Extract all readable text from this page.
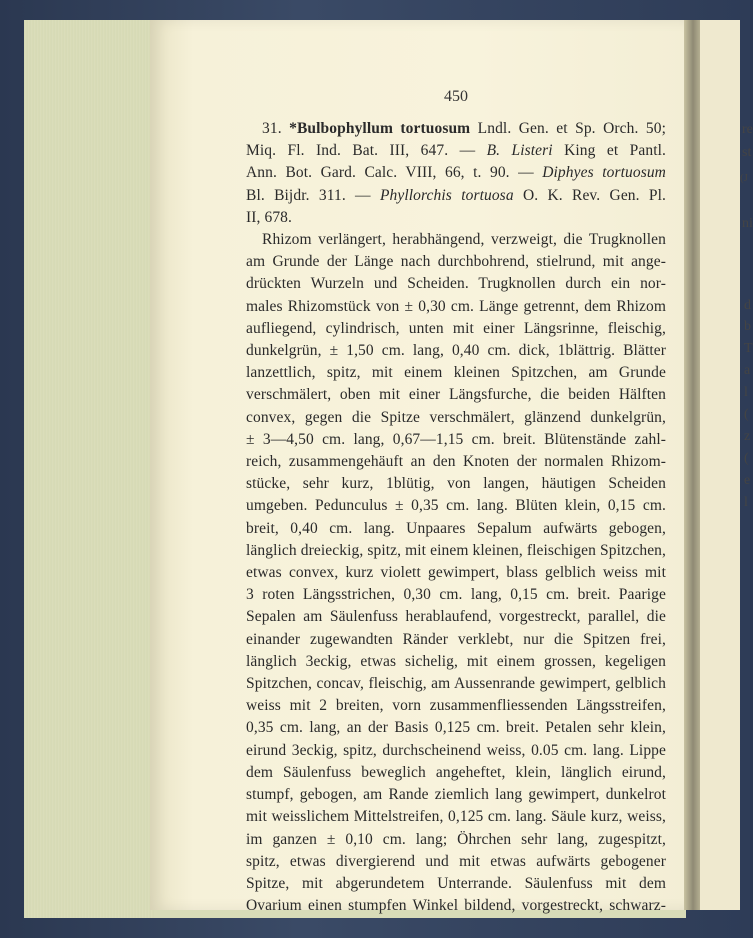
re
st
(J
ni
d
b
T
a
l
(
z
(
e
l
450
31. *Bulbophyllum tortuosum Lndl. Gen. et Sp. Orch. 50;
Miq. Fl. Ind. Bat. III, 647. — B. Listeri King et Pantl.
Ann. Bot. Gard. Calc. VIII, 66, t. 90. — Diphyes tortuosum
Bl. Bijdr. 311. — Phyllorchis tortuosa O. K. Rev. Gen. Pl.
II, 678.
Rhizom verlängert, herabhängend, verzweigt, die Trugknollen
am Grunde der Länge nach durchbohrend, stielrund, mit ange-
drückten Wurzeln und Scheiden. Trugknollen durch ein nor-
males Rhizomstück von ± 0,30 cm. Länge getrennt, dem Rhizom
aufliegend, cylindrisch, unten mit einer Längsrinne, fleischig,
dunkelgrün, ± 1,50 cm. lang, 0,40 cm. dick, 1blättrig. Blätter
lanzettlich, spitz, mit einem kleinen Spitzchen, am Grunde
verschmälert, oben mit einer Längsfurche, die beiden Hälften
convex, gegen die Spitze verschmälert, glänzend dunkelgrün,
± 3—4,50 cm. lang, 0,67—1,15 cm. breit. Blütenstände zahl-
reich, zusammengehäuft an den Knoten der normalen Rhizom-
stücke, sehr kurz, 1blütig, von langen, häutigen Scheiden
umgeben. Pedunculus ± 0,35 cm. lang. Blüten klein, 0,15 cm.
breit, 0,40 cm. lang. Unpaares Sepalum aufwärts gebogen,
länglich dreieckig, spitz, mit einem kleinen, fleischigen Spitzchen,
etwas convex, kurz violett gewimpert, blass gelblich weiss mit
3 roten Längsstrichen, 0,30 cm. lang, 0,15 cm. breit. Paarige
Sepalen am Säulenfuss herablaufend, vorgestreckt, parallel, die
einander zugewandten Ränder verklebt, nur die Spitzen frei,
länglich 3eckig, etwas sichelig, mit einem grossen, kegeligen
Spitzchen, concav, fleischig, am Aussenrande gewimpert, gelblich
weiss mit 2 breiten, vorn zusammenfliessenden Längsstreifen,
0,35 cm. lang, an der Basis 0,125 cm. breit. Petalen sehr klein,
eirund 3eckig, spitz, durchscheinend weiss, 0.05 cm. lang. Lippe
dem Säulenfuss beweglich angeheftet, klein, länglich eirund,
stumpf, gebogen, am Rande ziemlich lang gewimpert, dunkelrot
mit weisslichem Mittelstreifen, 0,125 cm. lang. Säule kurz, weiss,
im ganzen ± 0,10 cm. lang; Öhrchen sehr lang, zugespitzt,
spitz, etwas divergierend und mit etwas aufwärts gebogener
Spitze, mit abgerundetem Unterrande. Säulenfuss mit dem
Ovarium einen stumpfen Winkel bildend, vorgestreckt, schwarz-
